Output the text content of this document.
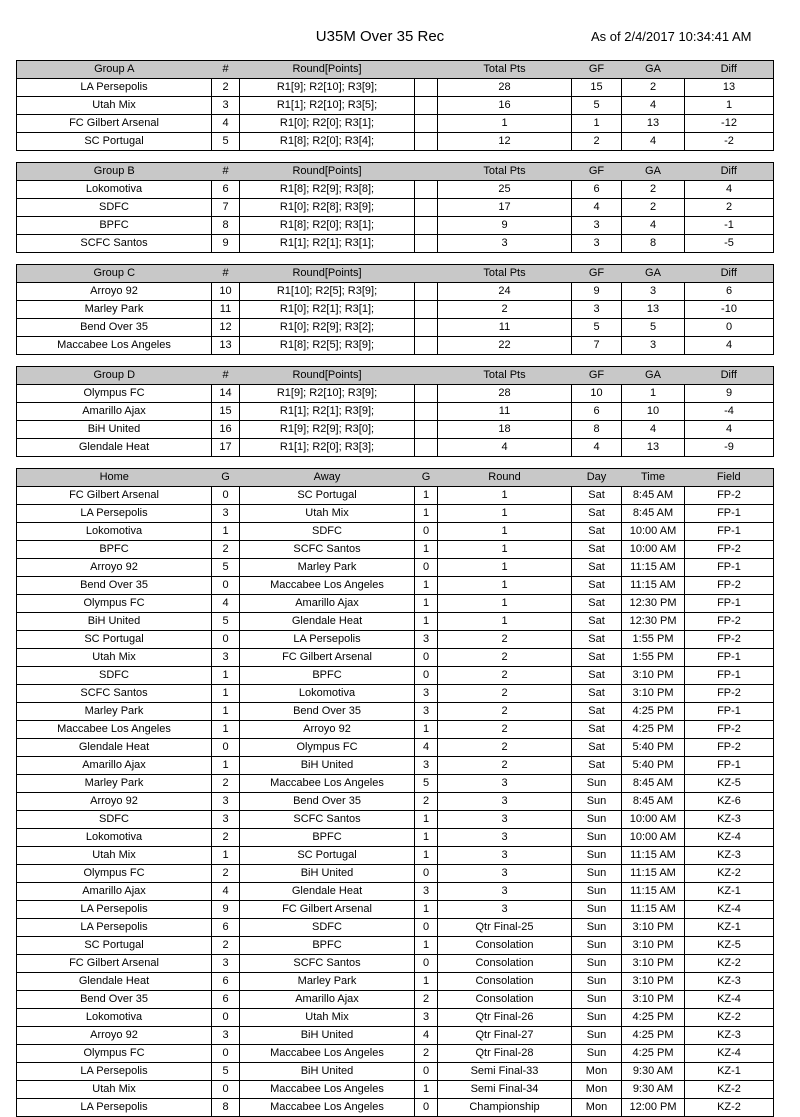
U35M Over 35 Rec	As of 2/4/2017 10:34:41 AM
Group A	#	Round[Points]		Total Pts	GF	GA	Diff
LA Persepolis	2	R1[9]; R2[10]; R3[9];		28	15	2	13
Utah Mix	3	R1[1]; R2[10]; R3[5];		16	5	4	1
FC Gilbert Arsenal	4	R1[0]; R2[0]; R3[1];		1	1	13	-12
SC Portugal	5	R1[8]; R2[0]; R3[4];		12	2	4	-2
Group B	#	Round[Points]		Total Pts	GF	GA	Diff
Lokomotiva	6	R1[8]; R2[9]; R3[8];		25	6	2	4
SDFC	7	R1[0]; R2[8]; R3[9];		17	4	2	2
BPFC	8	R1[8]; R2[0]; R3[1];		9	3	4	-1
SCFC Santos	9	R1[1]; R2[1]; R3[1];		3	3	8	-5
Group C	#	Round[Points]		Total Pts	GF	GA	Diff
Arroyo 92	10	R1[10]; R2[5]; R3[9];		24	9	3	6
Marley Park	11	R1[0]; R2[1]; R3[1];		2	3	13	-10
Bend Over 35	12	R1[0]; R2[9]; R3[2];		11	5	5	0
Maccabee Los Angeles	13	R1[8]; R2[5]; R3[9];		22	7	3	4
Group D	#	Round[Points]		Total Pts	GF	GA	Diff
Olympus FC	14	R1[9]; R2[10]; R3[9];		28	10	1	9
Amarillo Ajax	15	R1[1]; R2[1]; R3[9];		11	6	10	-4
BiH United	16	R1[9]; R2[9]; R3[0];		18	8	4	4
Glendale Heat	17	R1[1]; R2[0]; R3[3];		4	4	13	-9
Home	G	Away	G	Round	Day	Time	Field
FC Gilbert Arsenal	0	SC Portugal	1	1	Sat	8:45 AM	FP-2
LA Persepolis	3	Utah Mix	1	1	Sat	8:45 AM	FP-1
Lokomotiva	1	SDFC	0	1	Sat	10:00 AM	FP-1
BPFC	2	SCFC Santos	1	1	Sat	10:00 AM	FP-2
Arroyo 92	5	Marley Park	0	1	Sat	11:15 AM	FP-1
Bend Over 35	0	Maccabee Los Angeles	1	1	Sat	11:15 AM	FP-2
Olympus FC	4	Amarillo Ajax	1	1	Sat	12:30 PM	FP-1
BiH United	5	Glendale Heat	1	1	Sat	12:30 PM	FP-2
SC Portugal	0	LA Persepolis	3	2	Sat	1:55 PM	FP-2
Utah Mix	3	FC Gilbert Arsenal	0	2	Sat	1:55 PM	FP-1
SDFC	1	BPFC	0	2	Sat	3:10 PM	FP-1
SCFC Santos	1	Lokomotiva	3	2	Sat	3:10 PM	FP-2
Marley Park	1	Bend Over 35	3	2	Sat	4:25 PM	FP-1
Maccabee Los Angeles	1	Arroyo 92	1	2	Sat	4:25 PM	FP-2
Glendale Heat	0	Olympus FC	4	2	Sat	5:40 PM	FP-2
Amarillo Ajax	1	BiH United	3	2	Sat	5:40 PM	FP-1
Marley Park	2	Maccabee Los Angeles	5	3	Sun	8:45 AM	KZ-5
Arroyo 92	3	Bend Over 35	2	3	Sun	8:45 AM	KZ-6
SDFC	3	SCFC Santos	1	3	Sun	10:00 AM	KZ-3
Lokomotiva	2	BPFC	1	3	Sun	10:00 AM	KZ-4
Utah Mix	1	SC Portugal	1	3	Sun	11:15 AM	KZ-3
Olympus FC	2	BiH United	0	3	Sun	11:15 AM	KZ-2
Amarillo Ajax	4	Glendale Heat	3	3	Sun	11:15 AM	KZ-1
LA Persepolis	9	FC Gilbert Arsenal	1	3	Sun	11:15 AM	KZ-4
LA Persepolis	6	SDFC	0	Qtr Final-25	Sun	3:10 PM	KZ-1
SC Portugal	2	BPFC	1	Consolation	Sun	3:10 PM	KZ-5
FC Gilbert Arsenal	3	SCFC Santos	0	Consolation	Sun	3:10 PM	KZ-2
Glendale Heat	6	Marley Park	1	Consolation	Sun	3:10 PM	KZ-3
Bend Over 35	6	Amarillo Ajax	2	Consolation	Sun	3:10 PM	KZ-4
Lokomotiva	0	Utah Mix	3	Qtr Final-26	Sun	4:25 PM	KZ-2
Arroyo 92	3	BiH United	4	Qtr Final-27	Sun	4:25 PM	KZ-3
Olympus FC	0	Maccabee Los Angeles	2	Qtr Final-28	Sun	4:25 PM	KZ-4
LA Persepolis	5	BiH United	0	Semi Final-33	Mon	9:30 AM	KZ-1
Utah Mix	0	Maccabee Los Angeles	1	Semi Final-34	Mon	9:30 AM	KZ-2
LA Persepolis	8	Maccabee Los Angeles	0	Championship	Mon	12:00 PM	KZ-2
